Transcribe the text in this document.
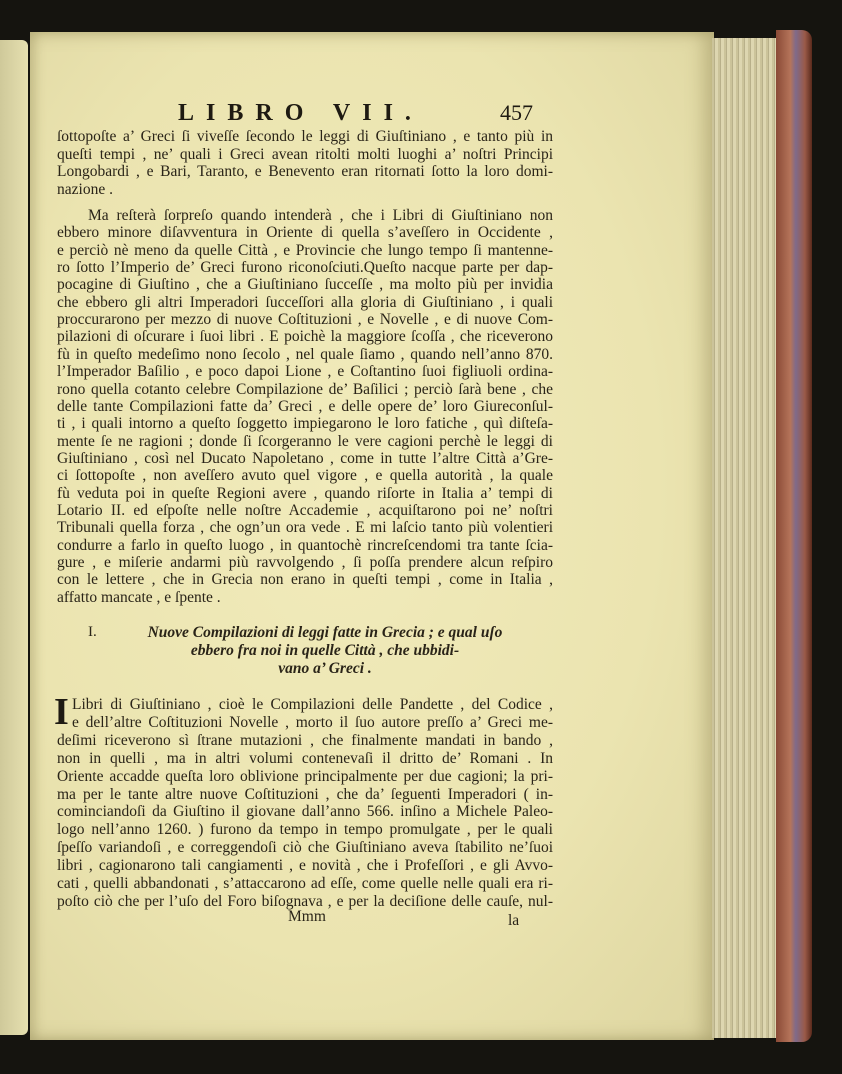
LIBRO VII.	457
ſottopoſte a’ Greci ſi viveſſe ſecondo le leggi di Giuſtiniano , e tanto più in
queſti tempi , ne’ quali i Greci avean ritolti molti luoghi a’ noſtri Principi
Longobardi , e Bari, Taranto, e Benevento eran ritornati ſotto la loro domi-
nazione .
Ma reſterà ſorpreſo quando intenderà , che i Libri di Giuſtiniano non
ebbero minore diſavventura in Oriente di quella s’aveſſero in Occidente ,
e perciò nè meno da quelle Città , e Provincie che lungo tempo ſi mantenne-
ro ſotto l’Imperio de’ Greci furono riconoſciuti.Queſto nacque parte per dap-
pocagine di Giuſtino , che a Giuſtiniano ſucceſſe , ma molto più per invidia
che ebbero gli altri Imperadori ſucceſſori alla gloria di Giuſtiniano , i quali
proccurarono per mezzo di nuove Coſtituzioni , e Novelle , e di nuove Com-
pilazioni di oſcurare i ſuoi libri . E poichè la maggiore ſcoſſa , che riceverono
fù in queſto medeſimo nono ſecolo , nel quale ſiamo , quando nell’anno 870.
l’Imperador Baſilio , e poco dapoi Lione , e Coſtantino ſuoi figliuoli ordina-
rono quella cotanto celebre Compilazione de’ Baſilici ; perciò ſarà bene , che
delle tante Compilazioni fatte da’ Greci , e delle opere de’ loro Giureconſul-
ti , i quali intorno a queſto ſoggetto impiegarono le loro fatiche , quì diſteſa-
mente ſe ne ragioni ; donde ſi ſcorgeranno le vere cagioni perchè le leggi di
Giuſtiniano , così nel Ducato Napoletano , come in tutte l’altre Città a’Gre-
ci ſottopoſte , non aveſſero avuto quel vigore , e quella autorità , la quale
fù veduta poi in queſte Regioni avere , quando riſorte in Italia a’ tempi di
Lotario II. ed eſpoſte nelle noſtre Accademie , acquiſtarono poi ne’ noſtri
Tribunali quella forza , che ogn’un ora vede . E mi laſcio tanto più volentieri
condurre a farlo in queſto luogo , in quantochè rincreſcendomi tra tante ſcia-
gure , e miſerie andarmi più ravvolgendo , ſi poſſa prendere alcun reſpiro
con le lettere , che in Grecia non erano in queſti tempi , come in Italia ,
affatto mancate , e ſpente .
I.	Nuove Compilazioni di leggi fatte in Grecia ; e qual uſo
ebbero fra noi in quelle Città , che ubbidi-
vano a’ Greci .
I Libri di Giuſtiniano , cioè le Compilazioni delle Pandette , del Codice ,
e dell’altre Coſtituzioni Novelle , morto il ſuo autore preſſo a’ Greci me-
deſimi riceverono sì ſtrane mutazioni , che finalmente mandati in bando ,
non in quelli , ma in altri volumi contenevaſi il dritto de’ Romani . In
Oriente accadde queſta loro oblivione principalmente per due cagioni; la pri-
ma per le tante altre nuove Coſtituzioni , che da’ ſeguenti Imperadori ( in-
cominciandoſi da Giuſtino il giovane dall’anno 566. inſino a Michele Paleo-
logo nell’anno 1260. ) furono da tempo in tempo promulgate , per le quali
ſpeſſo variandoſi , e correggendoſi ciò che Giuſtiniano aveva ſtabilito ne’ſuoi
libri , cagionarono tali cangiamenti , e novità , che i Profeſſori , e gli Avvo-
cati , quelli abbandonati , s’attaccarono ad eſſe, come quelle nelle quali era ri-
poſto ciò che per l’uſo del Foro biſognava , e per la deciſione delle cauſe, nul-
Mmm	la
